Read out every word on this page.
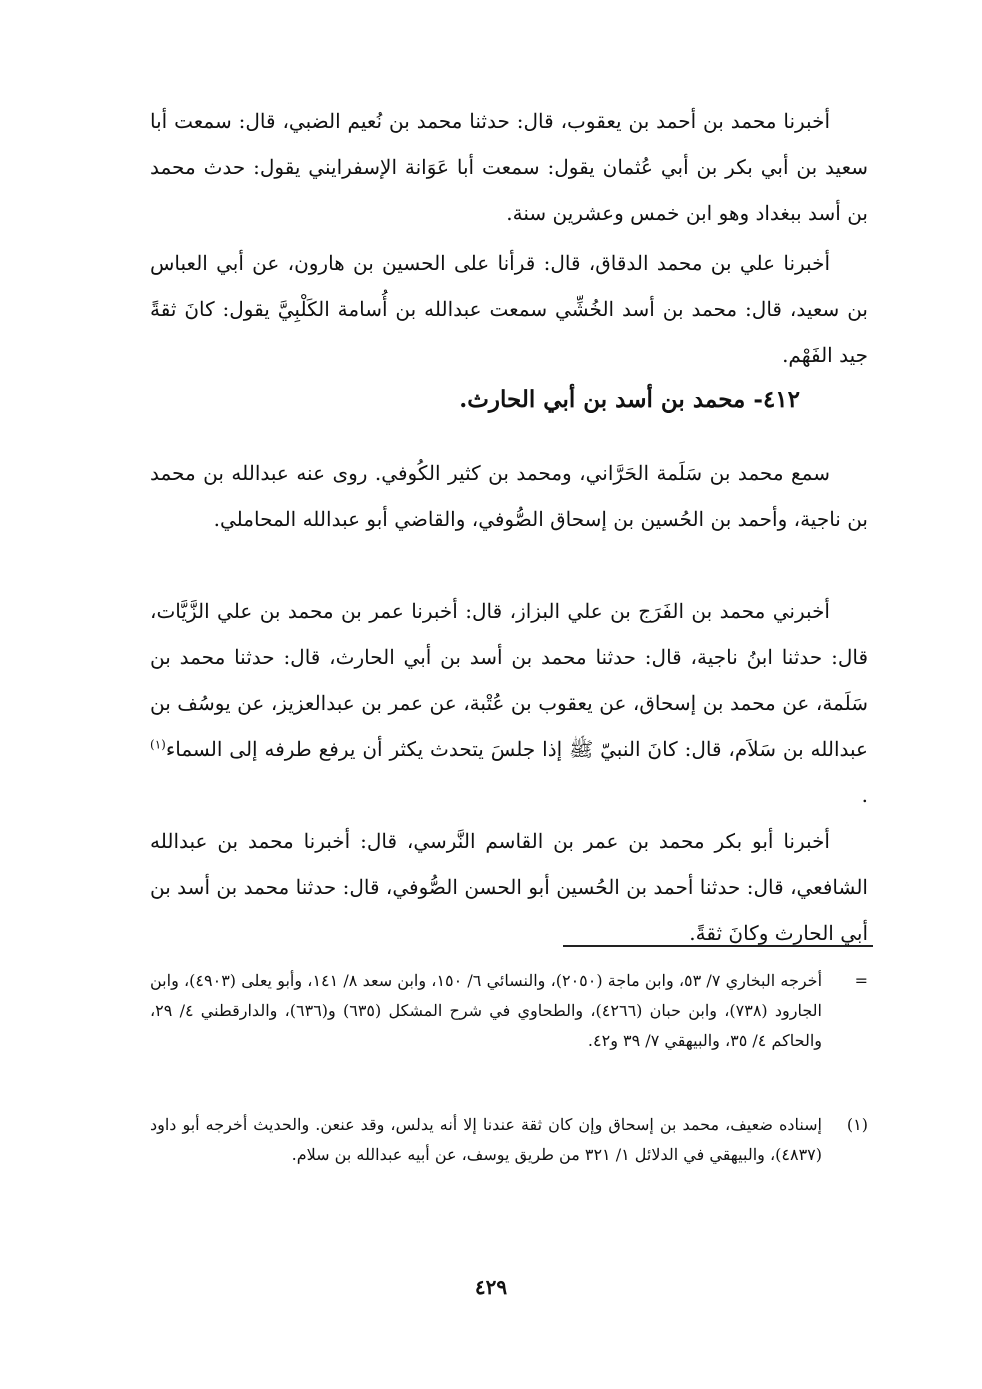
أخبرنا محمد بن أحمد بن يعقوب، قال: حدثنا محمد بن نُعيم الضبي، قال: سمعت أبا سعيد بن أبي بكر بن أبي عُثمان يقول: سمعت أبا عَوَانة الإسفرايني يقول: حدث محمد بن أسد ببغداد وهو ابن خمس وعشرين سنة.

أخبرنا علي بن محمد الدقاق، قال: قرأنا على الحسين بن هارون، عن أبي العباس بن سعيد، قال: محمد بن أسد الخُشِّي سمعت عبدالله بن أُسامة الكَلْبِيَّ يقول: كانَ ثقةً جيد الفَهْم.

٤١٢- محمد بن أسد بن أبي الحارث.

سمع محمد بن سَلَمة الحَرَّاني، ومحمد بن كثير الكُوفي. روى عنه عبدالله بن محمد بن ناجية، وأحمد بن الحُسين بن إسحاق الصُّوفي، والقاضي أبو عبدالله المحاملي.

أخبرني محمد بن الفَرَج بن علي البزاز، قال: أخبرنا عمر بن محمد بن علي الزَّيَّات، قال: حدثنا ابنُ ناجية، قال: حدثنا محمد بن أسد بن أبي الحارث، قال: حدثنا محمد بن سَلَمة، عن محمد بن إسحاق، عن يعقوب بن عُتْبة، عن عمر بن عبدالعزيز، عن يوسُف بن عبدالله بن سَلاَم، قال: كانَ النبيّ ﷺ إذا جلسَ يتحدث يكثر أن يرفع طرفه إلى السماء$^{(١)}$ .

أخبرنا أبو بكر محمد بن عمر بن القاسم النَّرسي، قال: أخبرنا محمد بن عبدالله الشافعي، قال: حدثنا أحمد بن الحُسين أبو الحسن الصُّوفي، قال: حدثنا محمد بن أسد بن أبي الحارث وكانَ ثقةً.

=
أخرجه البخاري ٧/ ٥٣، وابن ماجة (٢٠٥٠)، والنسائي ٦/ ١٥٠، وابن سعد ٨/ ١٤١، وأبو يعلى (٤٩٠٣)، وابن الجارود (٧٣٨)، وابن حبان (٤٢٦٦)، والطحاوي في شرح المشكل (٦٣٥) و(٦٣٦)، والدارقطني ٤/ ٢٩، والحاكم ٤/ ٣٥، والبيهقي ٧/ ٣٩ و٤٢.
(١)
إسناده ضعيف، محمد بن إسحاق وإن كان ثقة عندنا إلا أنه يدلس، وقد عنعن. والحديث أخرجه أبو داود (٤٨٣٧)، والبيهقي في الدلائل ١/ ٣٢١ من طريق يوسف، عن أبيه عبدالله بن سلام.
٤٢٩
